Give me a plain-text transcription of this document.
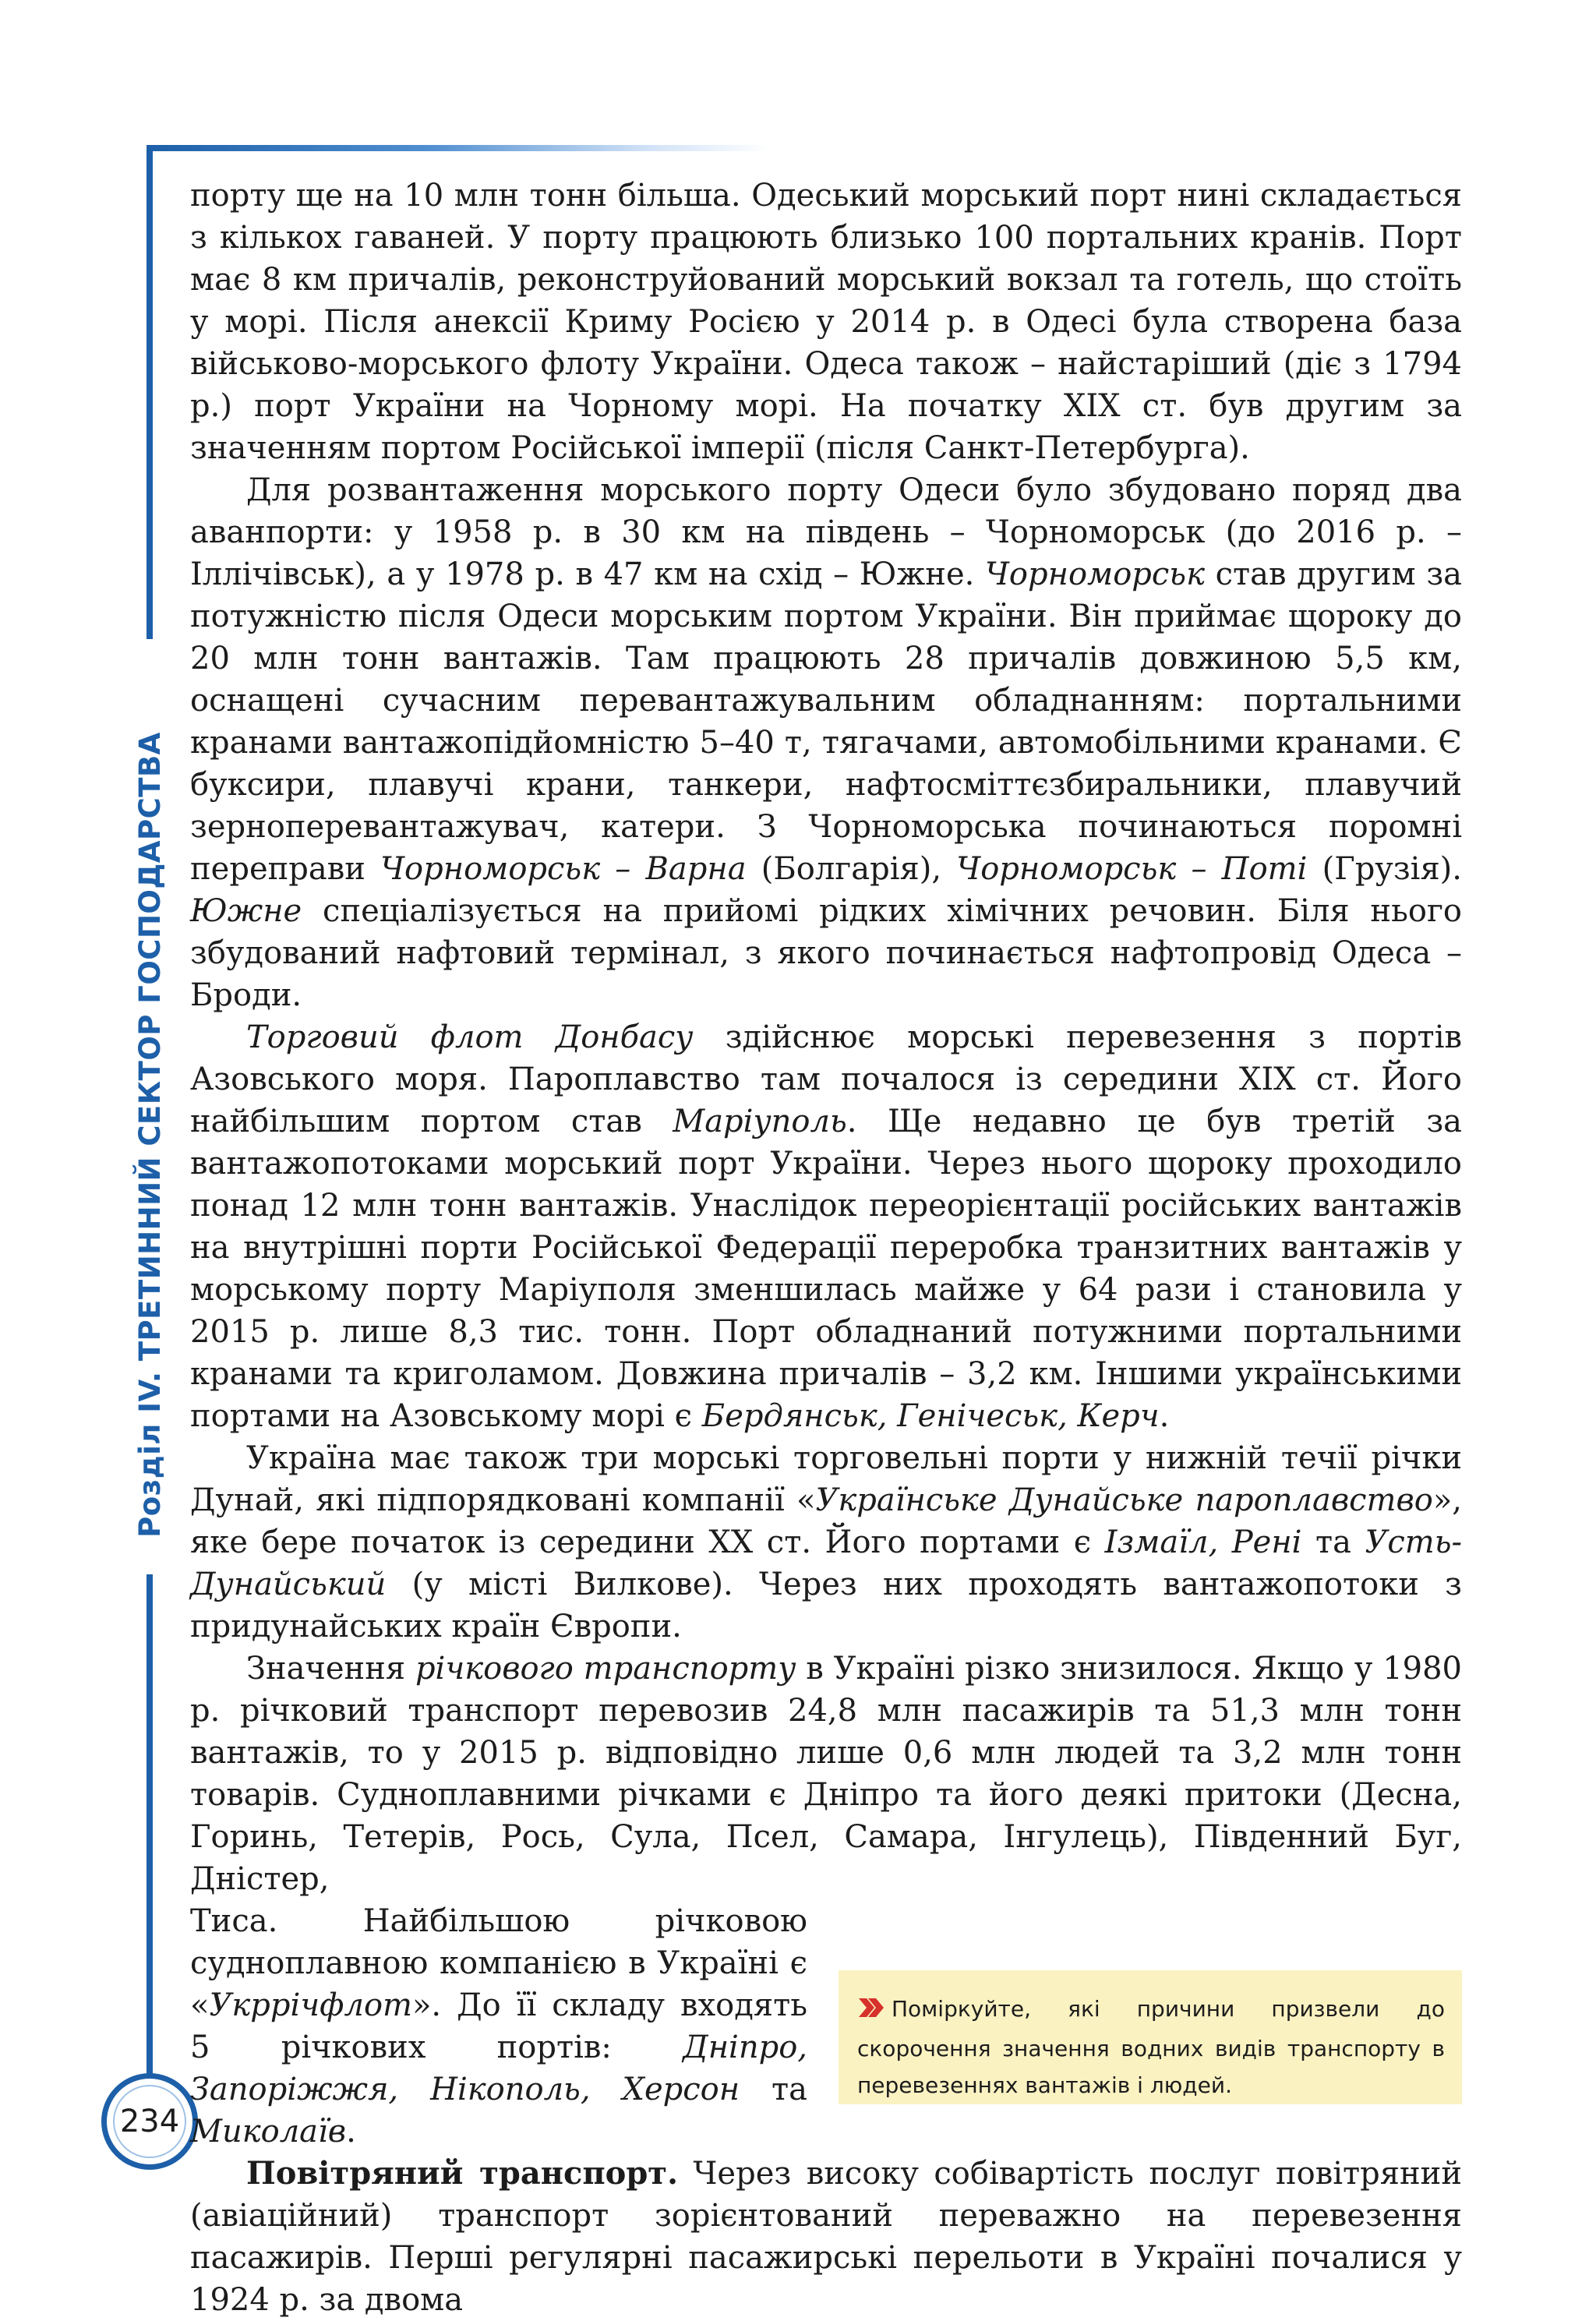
Розділ IV. ТРЕТИННИЙ СЕКТОР ГОСПОДАРСТВА
234

порту ще на 10 млн тонн більша. Одеський морський порт нині складається з кількох гаваней. У порту працюють близько 100 портальних кранів. Порт має 8 км причалів, реконструйований морський вокзал та готель, що стоїть у морі. Після анексії Криму Росією у 2014 р. в Одесі була створена база військово-морського флоту України. Одеса також – найстаріший (діє з 1794 р.) порт України на Чорному морі. На початку XIX ст. був другим за значенням портом Російської імперії (після Санкт-Петербурга).

Для розвантаження морського порту Одеси було збудовано поряд два аванпорти: у 1958 р. в 30 км на південь – Чорноморськ (до 2016 р. – Іллічівськ), а у 1978 р. в 47 км на схід – Южне. Чорноморськ став другим за потужністю після Одеси морським портом України. Він приймає щороку до 20 млн тонн вантажів. Там працюють 28 причалів довжиною 5,5 км, оснащені сучасним перевантажувальним обладнанням: портальними кранами вантажопідйомністю 5–40 т, тягачами, автомобільними кранами. Є буксири, плавучі крани, танкери, нафтосміттєзбиральники, плавучий зерноперевантажувач, катери. З Чорноморська починаються поромні переправи Чорноморськ – Варна (Болгарія), Чорноморськ – Поті (Грузія). Южне спеціалізується на прийомі рідких хімічних речовин. Біля нього збудований нафтовий термінал, з якого починається нафтопровід Одеса – Броди.

Торговий флот Донбасу здійснює морські перевезення з портів Азовського моря. Пароплавство там почалося із середини XIX ст. Його найбільшим портом став Маріуполь. Ще недавно це був третій за вантажопотоками морський порт України. Через нього щороку проходило понад 12 млн тонн вантажів. Унаслідок переорієнтації російських вантажів на внутрішні порти Російської Федерації переробка транзитних вантажів у морському порту Маріуполя зменшилась майже у 64 рази і становила у 2015 р. лише 8,3 тис. тонн. Порт обладнаний потужними портальними кранами та криголамом. Довжина причалів – 3,2 км. Іншими українськими портами на Азовському морі є Бердянськ, Генічеськ, Керч.

Україна має також три морські торговельні порти у нижній течії річки Дунай, які підпорядковані компанії «Українське Дунайське пароплавство», яке бере початок із середини XX ст. Його портами є Ізмаїл, Рені та Усть-Дунайський (у місті Вилкове). Через них проходять вантажопотоки з придунайських країн Європи.

Значення річкового транспорту в Україні різко знизилося. Якщо у 1980 р. річковий транспорт перевозив 24,8 млн пасажирів та 51,3 млн тонн вантажів, то у 2015 р. відповідно лише 0,6 млн людей та 3,2 млн тонн товарів. Судноплавними річками є Дніпро та його деякі притоки (Десна, Горинь, Тетерів, Рось, Сула, Псел, Самара, Інгулець), Південний Буг, Дністер,

Тиса. Найбільшою річковою судноплавною компанією в Україні є «Укррічфлот». До її складу входять 5 річкових портів: Дніпро, Запоріжжя, Нікополь, Херсон та Миколаїв.

Поміркуйте, які причини призвели до скорочення значення водних видів транспорту в перевезеннях вантажів і людей.

Повітряний транспорт. Через високу собівартість послуг повітряний (авіаційний) транспорт зорієнтований переважно на перевезення пасажирів. Перші регулярні пасажирські перельоти в Україні почалися у 1924 р. за двома
